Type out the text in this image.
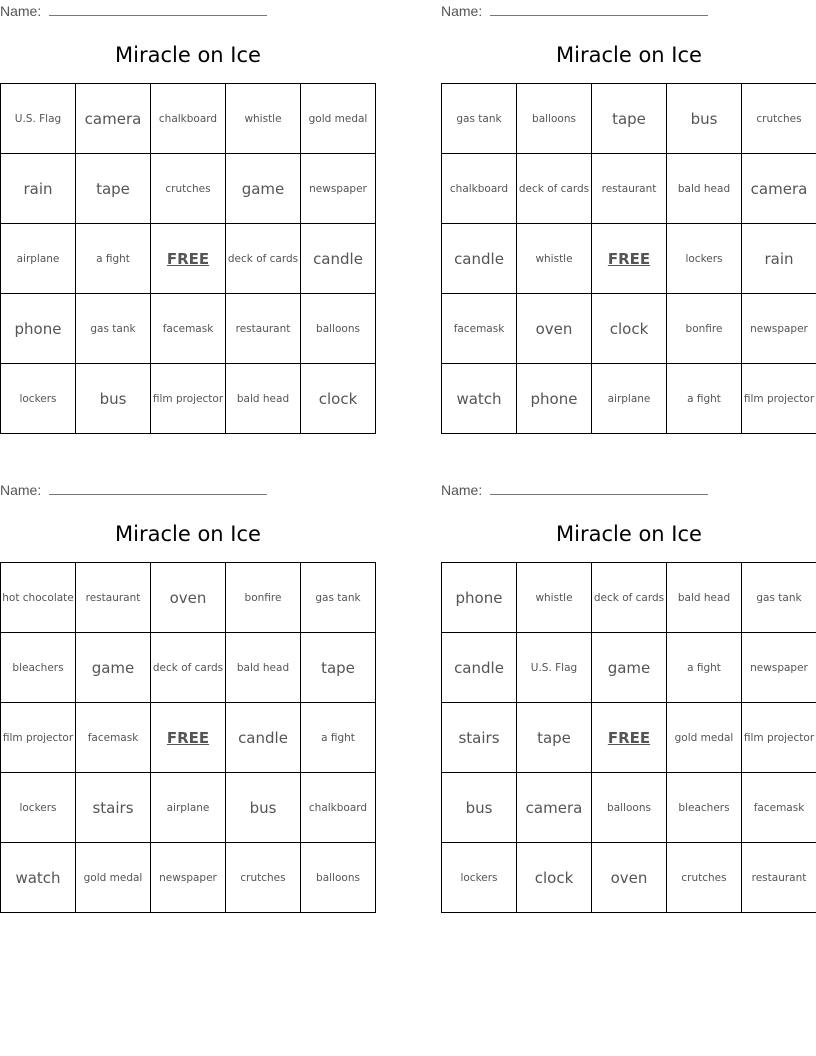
Name:
Miracle on Ice
U.S. Flag	camera	chalkboard	whistle	gold medal
rain	tape	crutches	game	newspaper
airplane	a fight	FREE	deck of cards	candle
phone	gas tank	facemask	restaurant	balloons
lockers	bus	film projector	bald head	clock
Name:
Miracle on Ice
gas tank	balloons	tape	bus	crutches
chalkboard	deck of cards	restaurant	bald head	camera
candle	whistle	FREE	lockers	rain
facemask	oven	clock	bonfire	newspaper
watch	phone	airplane	a fight	film projector
Name:
Miracle on Ice
hot chocolate	restaurant	oven	bonfire	gas tank
bleachers	game	deck of cards	bald head	tape
film projector	facemask	FREE	candle	a fight
lockers	stairs	airplane	bus	chalkboard
watch	gold medal	newspaper	crutches	balloons
Name:
Miracle on Ice
phone	whistle	deck of cards	bald head	gas tank
candle	U.S. Flag	game	a fight	newspaper
stairs	tape	FREE	gold medal	film projector
bus	camera	balloons	bleachers	facemask
lockers	clock	oven	crutches	restaurant
